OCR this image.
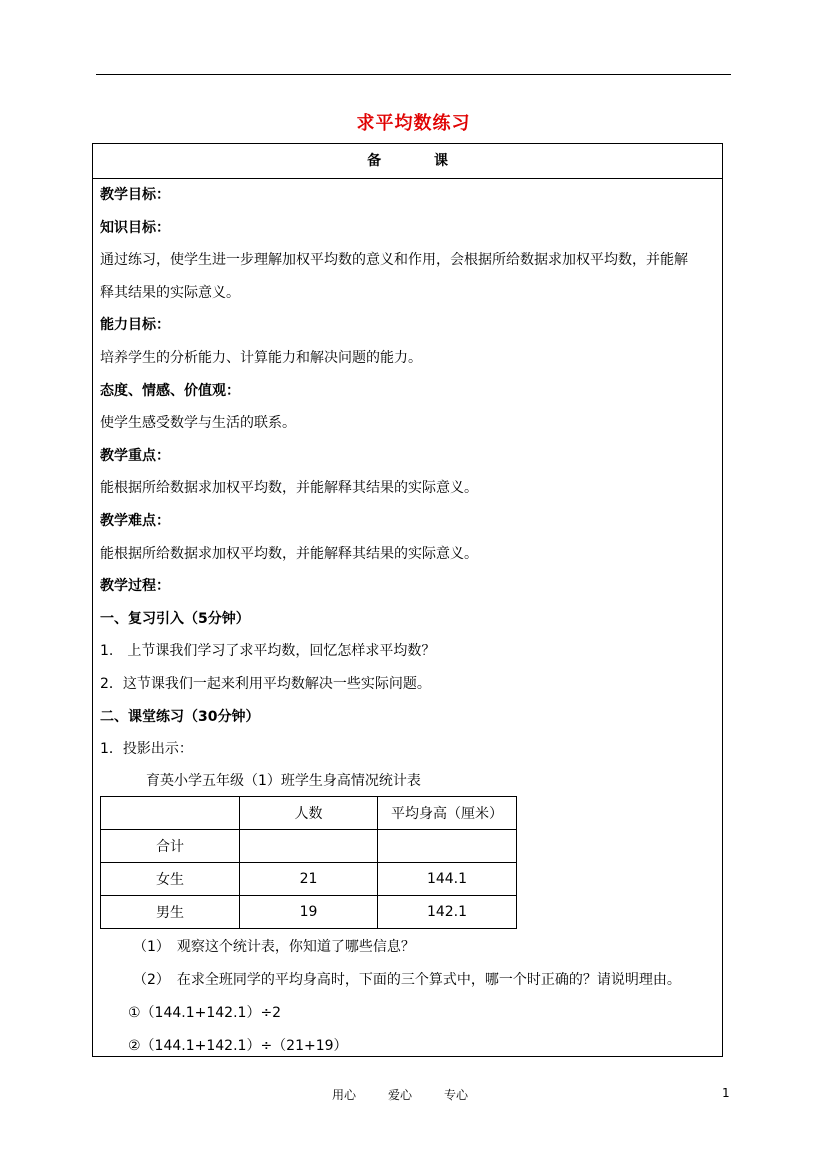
求平均数练习
备	课
教学目标：
知识目标：
通过练习，使学生进一步理解加权平均数的意义和作用，会根据所给数据求加权平均数，并能解
释其结果的实际意义。
能力目标：
培养学生的分析能力、计算能力和解决问题的能力。
态度、情感、价值观：
使学生感受数学与生活的联系。
教学重点：
能根据所给数据求加权平均数，并能解释其结果的实际意义。
教学难点：
能根据所给数据求加权平均数，并能解释其结果的实际意义。
教学过程：
一、复习引入（5分钟）
1.　上节课我们学习了求平均数，回忆怎样求平均数？
2．这节课我们一起来利用平均数解决一些实际问题。
二、课堂练习（30分钟）
1．投影出示：
育英小学五年级（1）班学生身高情况统计表
	人数	平均身高（厘米）
合计		
女生	21	144.1
男生	19	142.1
（1）　观察这个统计表，你知道了哪些信息？
（2）　在求全班同学的平均身高时，下面的三个算式中，哪一个时正确的？请说明理由。
①（144.1+142.1）÷2
②（144.1+142.1）÷（21+19）
用心	爱心	专心	1
